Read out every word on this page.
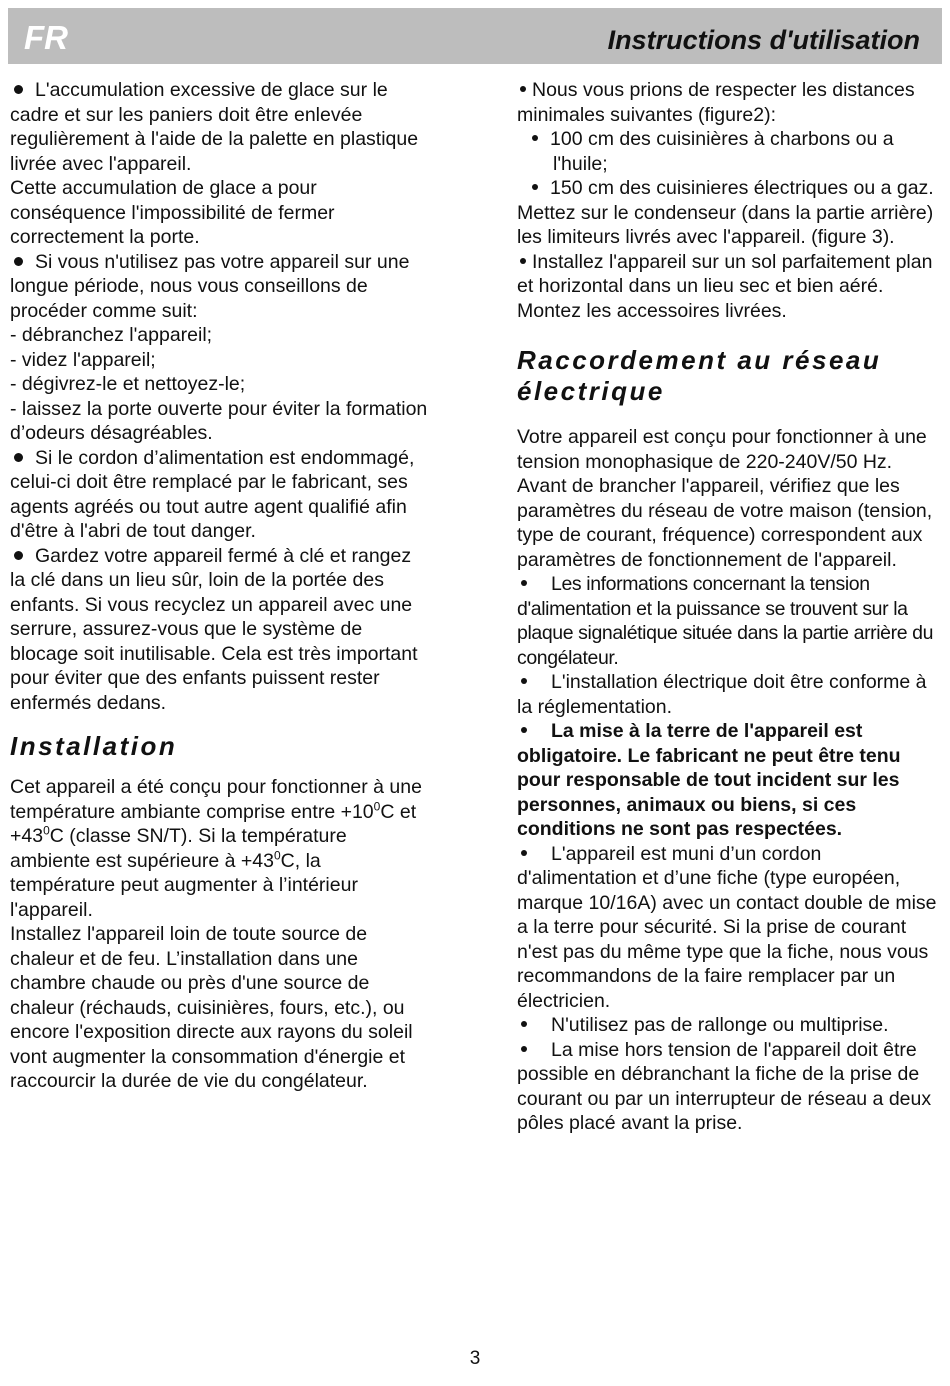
FR	Instructions d'utilisation

L'accumulation excessive de glace sur le cadre et sur les paniers doit être enlevée regulièrement à l'aide de la palette en plastique livrée avec l'appareil.

Cette accumulation de glace a pour conséquence l'impossibilité de fermer correctement la porte.

Si vous n'utilisez pas votre appareil sur une longue période, nous vous conseillons de procéder comme suit:

- débranchez l'appareil;

- videz l'appareil;

- dégivrez-le et nettoyez-le;

- laissez la porte ouverte pour éviter la formation d’odeurs désagréables.

Si le cordon d’alimentation est endommagé, celui-ci doit être remplacé par le fabricant, ses agents agréés ou tout autre agent qualifié afin d'être à l'abri de tout danger.

Gardez votre appareil fermé à clé et rangez la clé dans un lieu sûr, loin de la portée des enfants. Si vous recyclez un appareil avec une serrure, assurez-vous que le système de blocage soit inutilisable. Cela est très important pour éviter que des enfants puissent rester enfermés dedans.

Installation

Cet appareil a été conçu pour fonctionner à une température ambiante comprise entre $+10^0C$ et $+43^0C$ (classe SN/T). Si la température ambiente est supérieure à $+43^0C$, la température peut augmenter à l’intérieur l'appareil.

Installez l'appareil loin de toute source de chaleur et de feu. L’installation dans une chambre chaude ou près d'une source de chaleur (réchauds, cuisinières, fours, etc.), ou encore l'exposition directe aux rayons du soleil vont augmenter la consommation d'énergie et raccourcir la durée de vie du congélateur.

Nous vous prions de respecter les distances minimales suivantes (figure2):

100 cm des cuisinières à charbons ou a l'huile;

150 cm des cuisinieres électriques ou a gaz.

Mettez sur le condenseur (dans la partie arrière) les limiteurs livrés avec l'appareil. (figure 3).

Installez l'appareil sur un sol parfaitement plan et horizontal dans un lieu sec et bien aéré.

Montez les accessoires livrées.

Raccordement au réseau

électrique

Votre appareil est conçu pour fonctionner à une tension monophasique de 220-240V/50 Hz. Avant de brancher l'appareil, vérifiez que les paramètres du réseau de votre maison (tension, type de courant, fréquence) correspondent aux paramètres de fonctionnement de l'appareil.

Les informations concernant la tension d'alimentation et la puissance se trouvent sur la plaque signalétique située dans la partie arrière du congélateur.

L'installation électrique doit être conforme à la réglementation.

La mise à la terre de l'appareil est obligatoire. Le fabricant ne peut être tenu pour responsable de tout incident sur les personnes, animaux ou biens, si ces conditions ne sont pas respectées.

L'appareil est muni d’un cordon d'alimentation et d’une fiche (type européen, marque 10/16A) avec un contact double de mise a la terre pour sécurité. Si la prise de courant n'est pas du même type que la fiche, nous vous recommandons de la faire remplacer par un électricien.

N'utilisez pas de rallonge ou multiprise.

La mise hors tension de l'appareil doit être possible en débranchant la fiche de la prise de courant ou par un interrupteur de réseau a deux pôles placé avant la prise.

3
